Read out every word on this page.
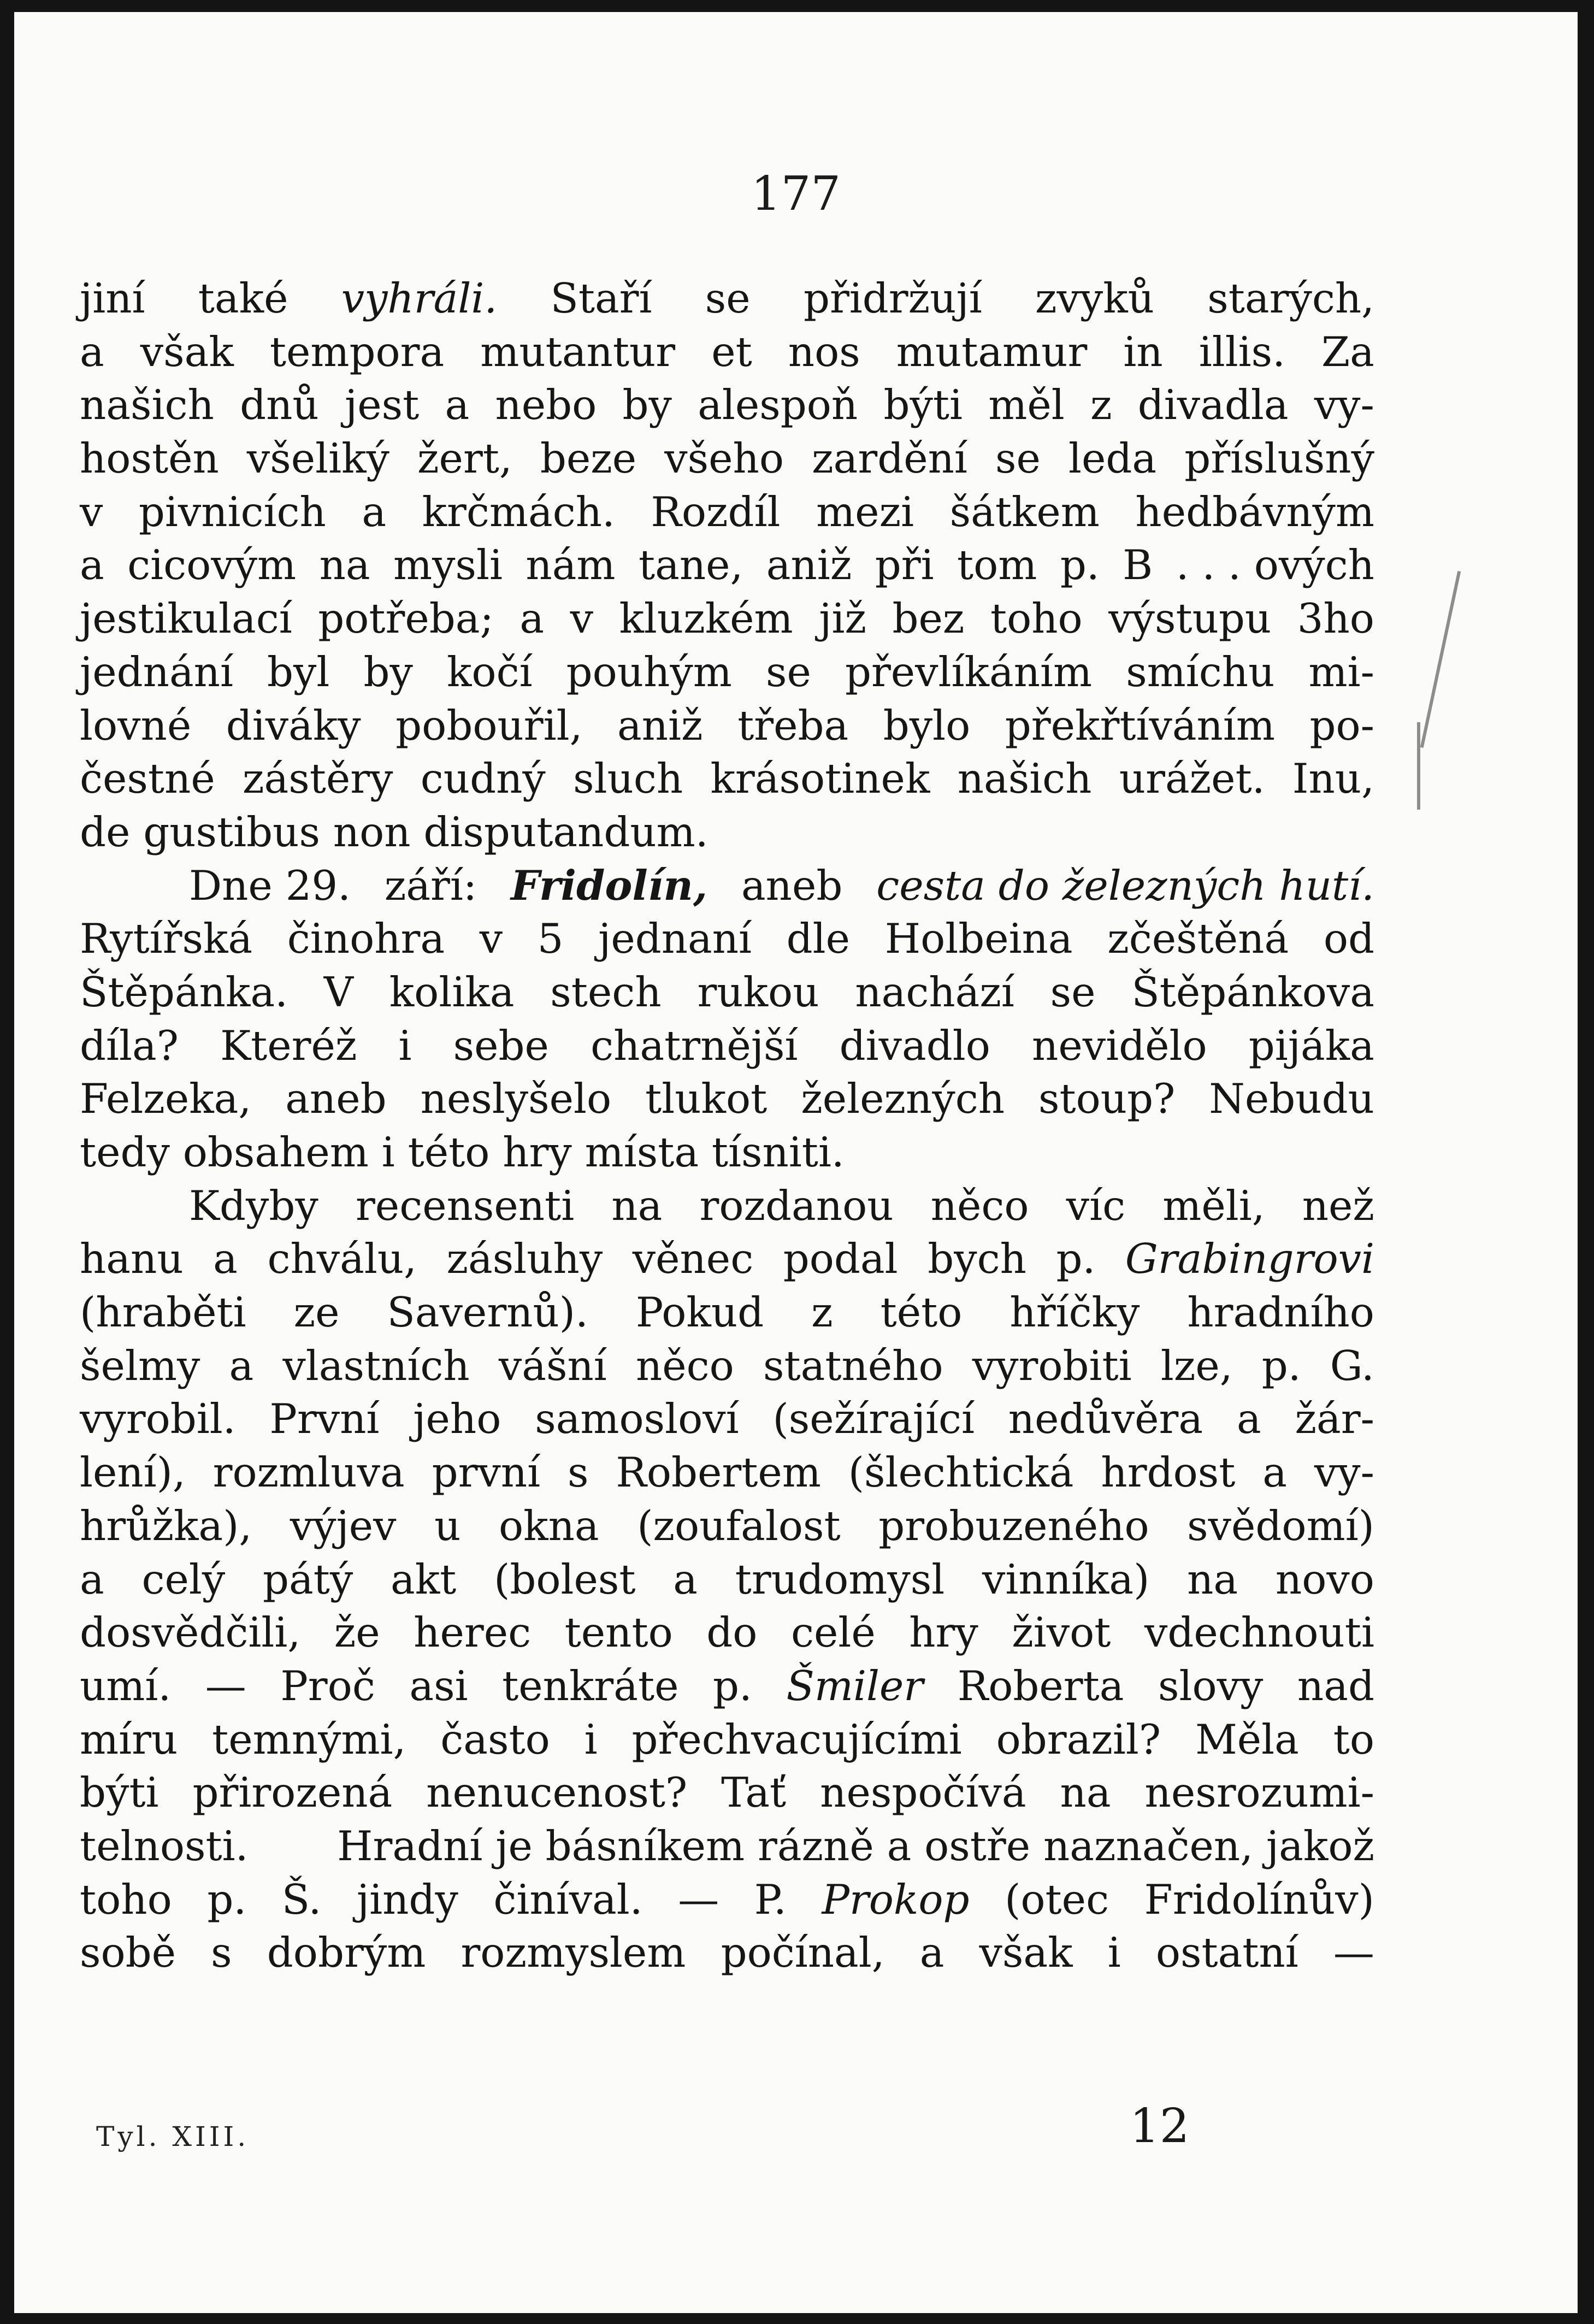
177
jiní také vyhráli. Staří se přidržují zvyků starých,
a však tempora mutantur et nos mutamur in illis. Za
našich dnů jest a nebo by alespoň býti měl z divadla vy-
hostěn všeliký žert, beze všeho zardění se leda příslušný
v pivnicích a krčmách. Rozdíl mezi šátkem hedbávným
a cicovým na mysli nám tane, aniž při tom p. B . . . ových
jestikulací potřeba; a v kluzkém již bez toho výstupu 3ho
jednání byl by kočí pouhým se převlíkáním smíchu mi-
lovné diváky pobouřil, aniž třeba bylo překřtíváním po-
čestné zástěry cudný sluch krásotinek našich urážet. Inu,
de gustibus non disputandum.
Dne 29. září: Fridolín, aneb cesta do železných hutí.
Rytířská činohra v 5 jednaní dle Holbeina zčeštěná od
Štěpánka. V kolika stech rukou nachází se Štěpánkova
díla? Kteréž i sebe chatrnější divadlo nevidělo pijáka
Felzeka, aneb neslyšelo tlukot železných stoup? Nebudu
tedy obsahem i této hry místa tísniti.
Kdyby recensenti na rozdanou něco víc měli, než
hanu a chválu, zásluhy věnec podal bych p. Grabingrovi
(hraběti ze Savernů). Pokud z této hříčky hradního
šelmy a vlastních vášní něco statného vyrobiti lze, p. G.
vyrobil. První jeho samosloví (sežírající nedůvěra a žár-
lení), rozmluva první s Robertem (šlechtická hrdost a vy-
hrůžka), výjev u okna (zoufalost probuzeného svědomí)
a celý pátý akt (bolest a trudomysl vinníka) na novo
dosvědčili, že herec tento do celé hry život vdechnouti
umí. — Proč asi tenkráte p. Šmiler Roberta slovy nad
míru temnými, často i přechvacujícími obrazil? Měla to
býti přirozená nenucenost? Tať nespočívá na nesrozumi-
telnosti. Hradní je básníkem rázně a ostře naznačen, jakož
toho p. Š. jindy činíval. — P. Prokop (otec Fridolínův)
sobě s dobrým rozmyslem počínal, a však i ostatní —
Tyl. XIII.	12
